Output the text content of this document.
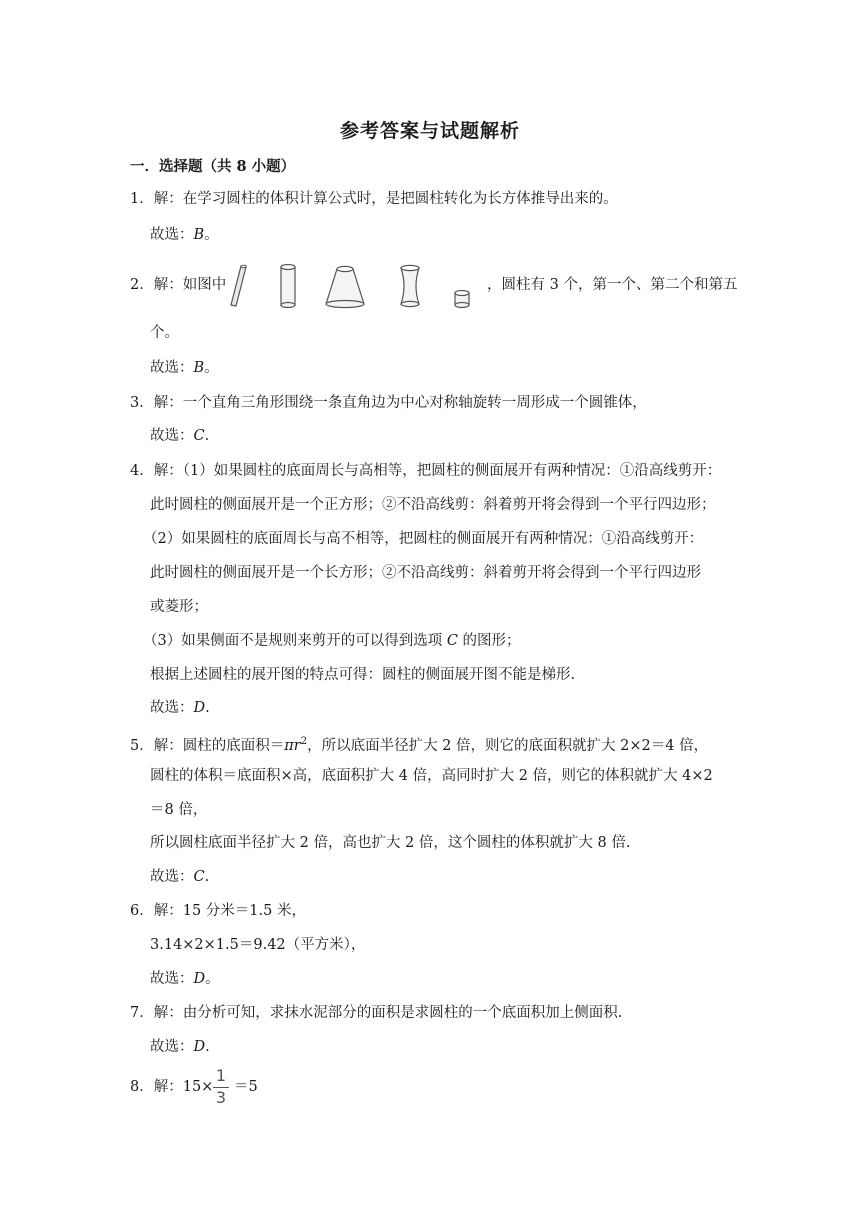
参考答案与试题解析
一．选择题（共 8 小题）
1．解：在学习圆柱的体积计算公式时，是把圆柱转化为长方体推导出来的。
故选：B。
2．解：如图中	，圆柱有 3 个，第一个、第二个和第五
个。
故选：B。
3．解：一个直角三角形围绕一条直角边为中心对称轴旋转一周形成一个圆锥体，
故选：C.
4．解：（1）如果圆柱的底面周长与高相等，把圆柱的侧面展开有两种情况：①沿高线剪开：
此时圆柱的侧面展开是一个正方形；②不沿高线剪：斜着剪开将会得到一个平行四边形；
（2）如果圆柱的底面周长与高不相等，把圆柱的侧面展开有两种情况：①沿高线剪开：
此时圆柱的侧面展开是一个长方形；②不沿高线剪：斜着剪开将会得到一个平行四边形
或菱形；
（3）如果侧面不是规则来剪开的可以得到选项 C 的图形；
根据上述圆柱的展开图的特点可得：圆柱的侧面展开图不能是梯形.
故选：D.
5．解：圆柱的底面积$=\pi r^2$，所以底面半径扩大 2 倍，则它的底面积就扩大 2×2＝4 倍，
圆柱的体积＝底面积×高，底面积扩大 4 倍，高同时扩大 2 倍，则它的体积就扩大 4×2
＝8 倍，
所以圆柱底面半径扩大 2 倍，高也扩大 2 倍，这个圆柱的体积就扩大 8 倍.
故选：C.
6．解：15 分米＝1.5 米，
3.14×2×1.5＝9.42（平方米），
故选：D。
7．解：由分析可知，求抹水泥部分的面积是求圆柱的一个底面积加上侧面积.
故选：D.
8．解：15×
1
3
＝5
